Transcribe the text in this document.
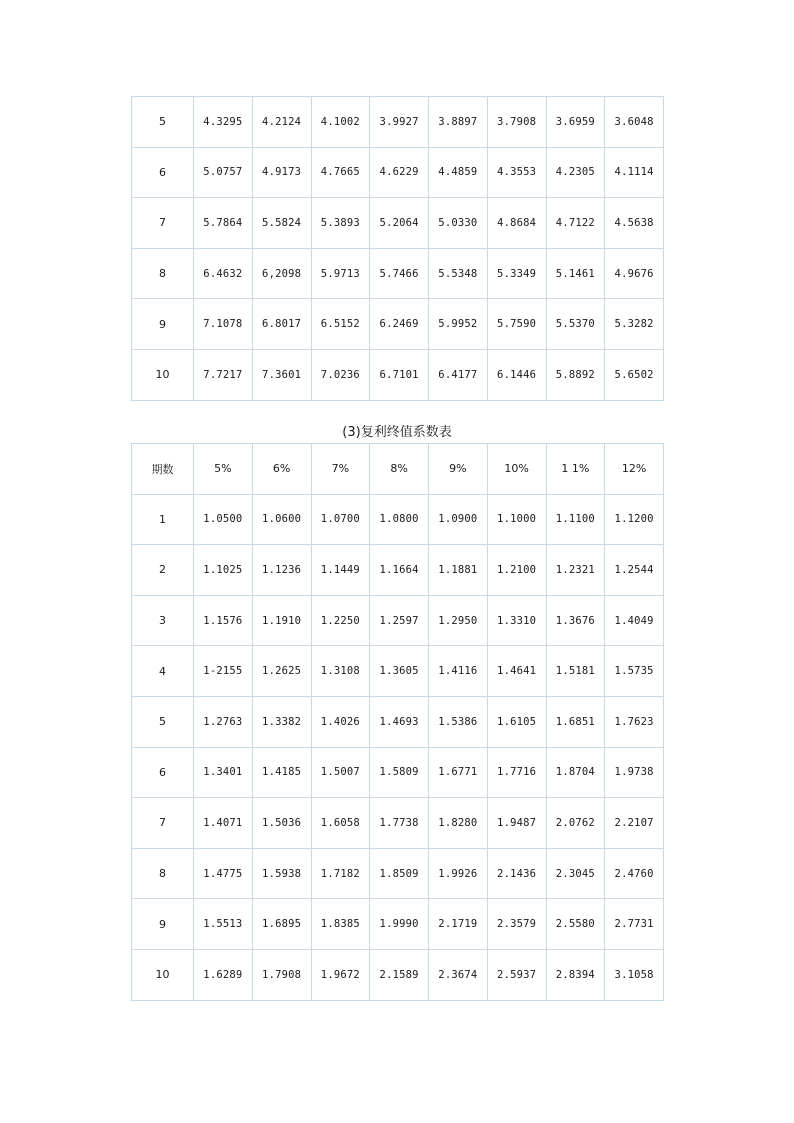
5	4.3295	4.2124	4.1002	3.9927	3.8897	3.7908	3.6959	3.6048
6	5.0757	4.9173	4.7665	4.6229	4.4859	4.3553	4.2305	4.1114
7	5.7864	5.5824	5.3893	5.2064	5.0330	4.8684	4.7122	4.5638
8	6.4632	6,2098	5.9713	5.7466	5.5348	5.3349	5.1461	4.9676
9	7.1078	6.8017	6.5152	6.2469	5.9952	5.7590	5.5370	5.3282
10	7.7217	7.3601	7.0236	6.7101	6.4177	6.1446	5.8892	5.6502
(3)复利终值系数表
期数	5%	6%	7%	8%	9%	10%	1 1%	12%
1	1.0500	1.0600	1.0700	1.0800	1.0900	1.1000	1.1100	1.1200
2	1.1025	1.1236	1.1449	1.1664	1.1881	1.2100	1.2321	1.2544
3	1.1576	1.1910	1.2250	1.2597	1.2950	1.3310	1.3676	1.4049
4	1-2155	1.2625	1.3108	1.3605	1.4116	1.4641	1.5181	1.5735
5	1.2763	1.3382	1.4026	1.4693	1.5386	1.6105	1.6851	1.7623
6	1.3401	1.4185	1.5007	1.5809	1.6771	1.7716	1.8704	1.9738
7	1.4071	1.5036	1.6058	1.7738	1.8280	1.9487	2.0762	2.2107
8	1.4775	1.5938	1.7182	1.8509	1.9926	2.1436	2.3045	2.4760
9	1.5513	1.6895	1.8385	1.9990	2.1719	2.3579	2.5580	2.7731
10	1.6289	1.7908	1.9672	2.1589	2.3674	2.5937	2.8394	3.1058
